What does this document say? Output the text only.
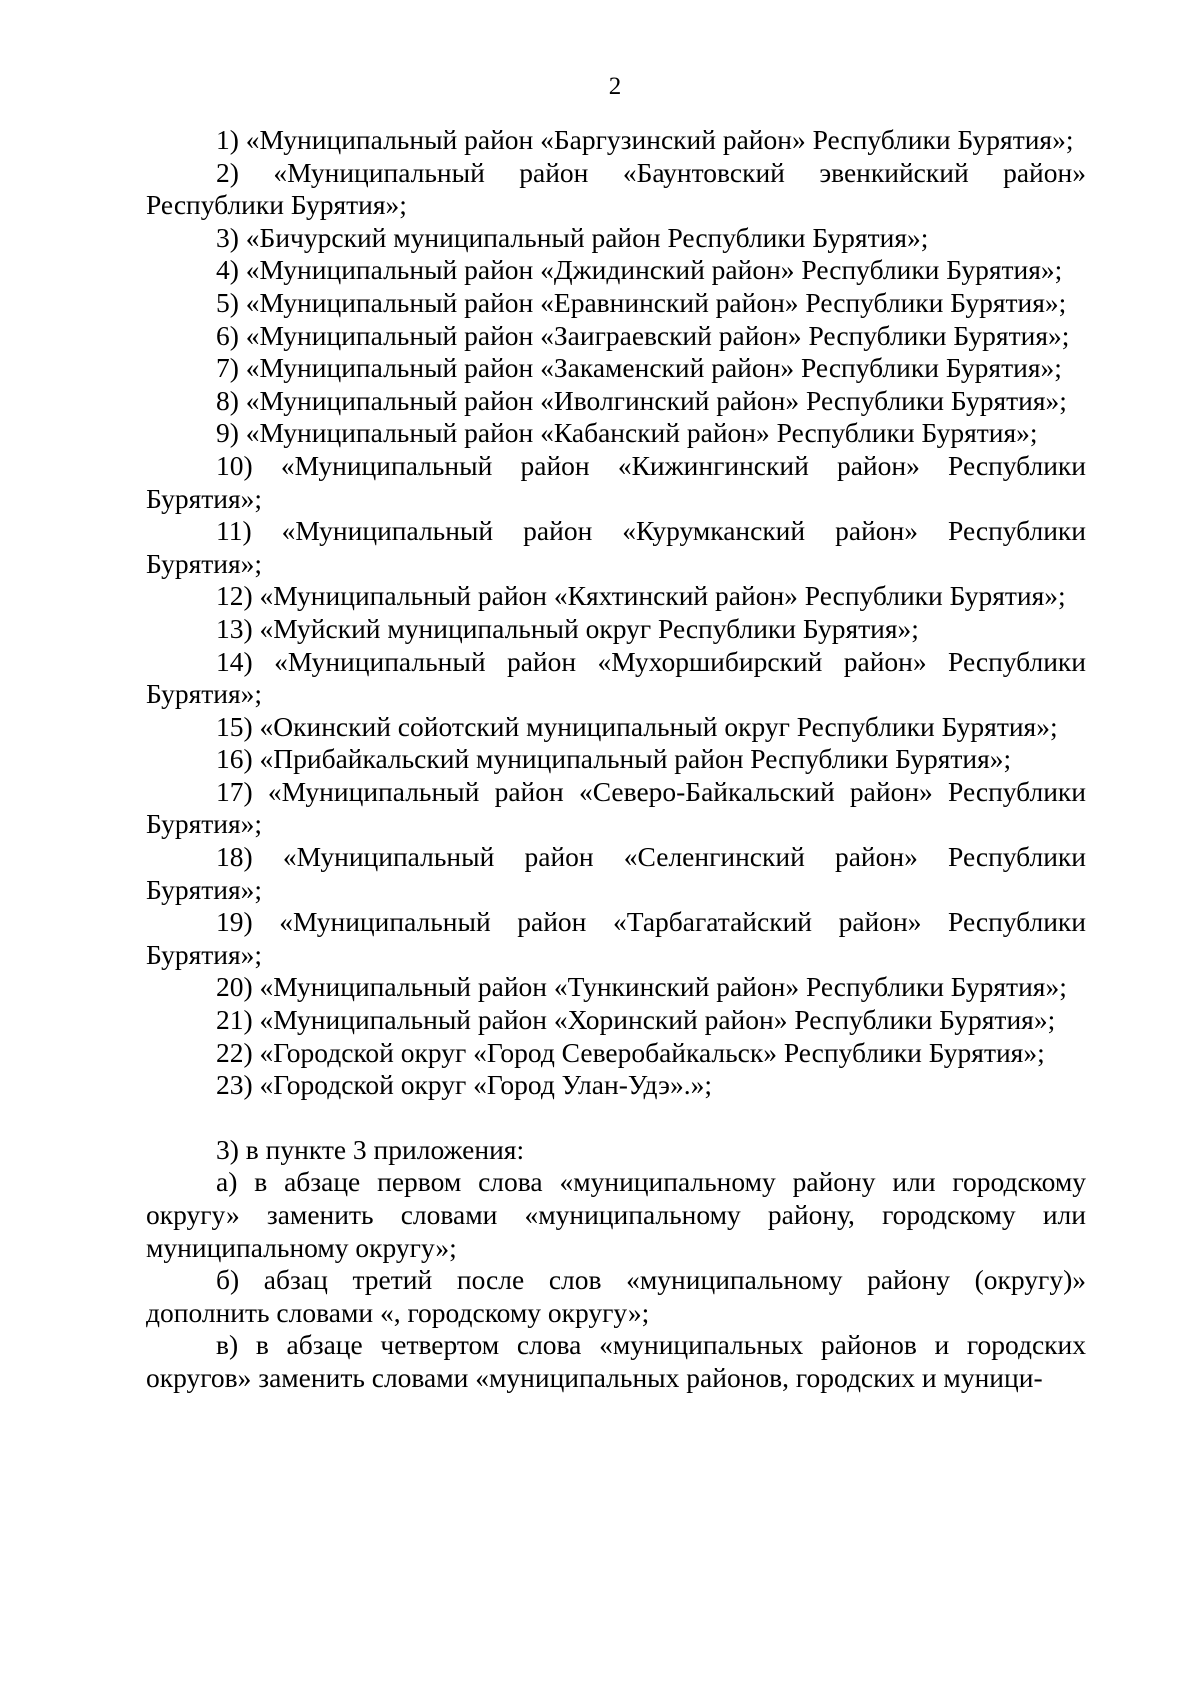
2

1) «Муниципальный район «Баргузинский район» Республики Бурятия»;

2) «Муниципальный район «Баунтовский эвенкийский район» Республики Бурятия»;

3) «Бичурский муниципальный район Республики Бурятия»;

4) «Муниципальный район «Джидинский район» Республики Бурятия»;

5) «Муниципальный район «Еравнинский район» Республики Бурятия»;

6) «Муниципальный район «Заиграевский район» Республики Бурятия»;

7) «Муниципальный район «Закаменский район» Республики Бурятия»;

8) «Муниципальный район «Иволгинский район» Республики Бурятия»;

9) «Муниципальный район «Кабанский район» Республики Бурятия»;

10) «Муниципальный район «Кижингинский район» Республики Бурятия»;

11) «Муниципальный район «Курумканский район» Республики Бурятия»;

12) «Муниципальный район «Кяхтинский район» Республики Бурятия»;

13) «Муйский муниципальный округ Республики Бурятия»;

14) «Муниципальный район «Мухоршибирский район» Республики Бурятия»;

15) «Окинский сойотский муниципальный округ Республики Бурятия»;

16) «Прибайкальский муниципальный район Республики Бурятия»;

17) «Муниципальный район «Северо-Байкальский район» Республики Бурятия»;

18) «Муниципальный район «Селенгинский район» Республики Бурятия»;

19) «Муниципальный район «Тарбагатайский район» Республики Бурятия»;

20) «Муниципальный район «Тункинский район» Республики Бурятия»;

21) «Муниципальный район «Хоринский район» Республики Бурятия»;

22) «Городской округ «Город Северобайкальск» Республики Бурятия»;

23) «Городской округ «Город Улан-Удэ».»;

3) в пункте 3 приложения:

а) в абзаце первом слова «муниципальному району или городскому округу» заменить словами «муниципальному району, городскому или муниципальному округу»;

б) абзац третий после слов «муниципальному району (округу)» дополнить словами «, городскому округу»;

в) в абзаце четвертом слова «муниципальных районов и городских округов» заменить словами «муниципальных районов, городских и муници-
